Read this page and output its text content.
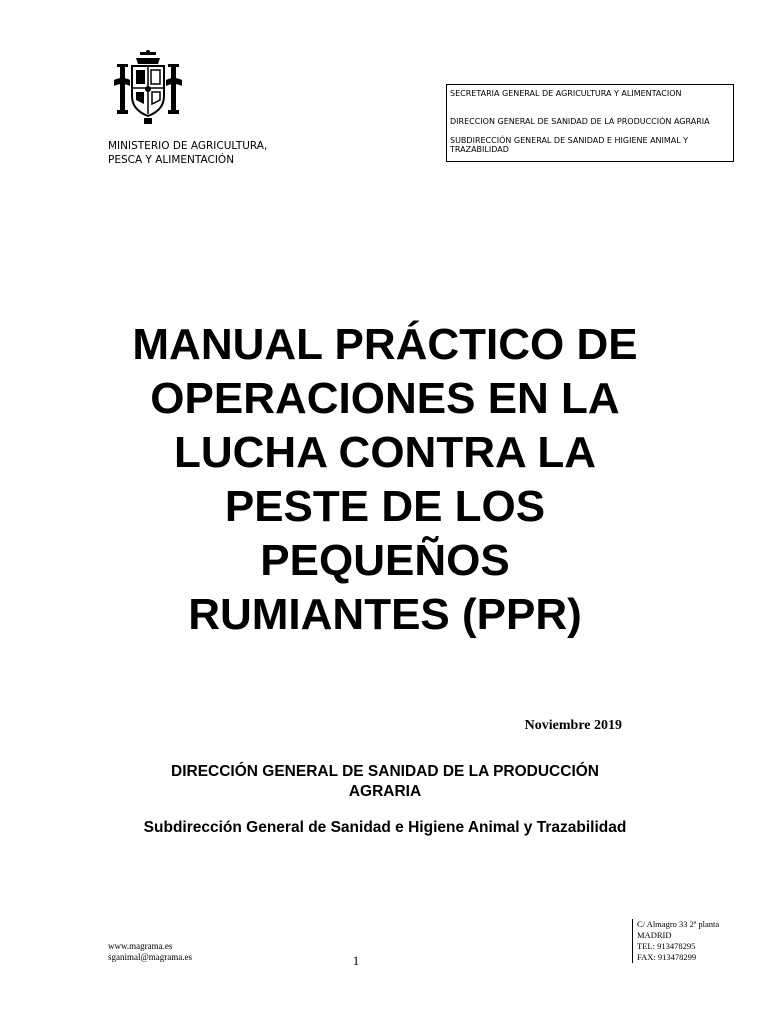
MINISTERIO DE AGRICULTURA,
PESCA Y ALIMENTACIÓN
SECRETARIA GENERAL DE AGRICULTURA Y ALIMENTACION
DIRECCION GENERAL DE SANIDAD DE LA PRODUCCIÓN AGRARIA
SUBDIRECCIÓN GENERAL DE SANIDAD E HIGIENE ANIMAL Y
TRAZABILIDAD
MANUAL PRÁCTICO DE
OPERACIONES EN LA
LUCHA CONTRA LA
PESTE DE LOS
PEQUEÑOS
RUMIANTES (PPR)
Noviembre 2019
DIRECCIÓN GENERAL DE SANIDAD DE LA PRODUCCIÓN
AGRARIA
Subdirección General de Sanidad e Higiene Animal y Trazabilidad
www.magrama.es
sganimal@magrama.es	1
C/ Almagro 33 2ª planta
MADRID
TEL: 913478295
FAX: 913478299
